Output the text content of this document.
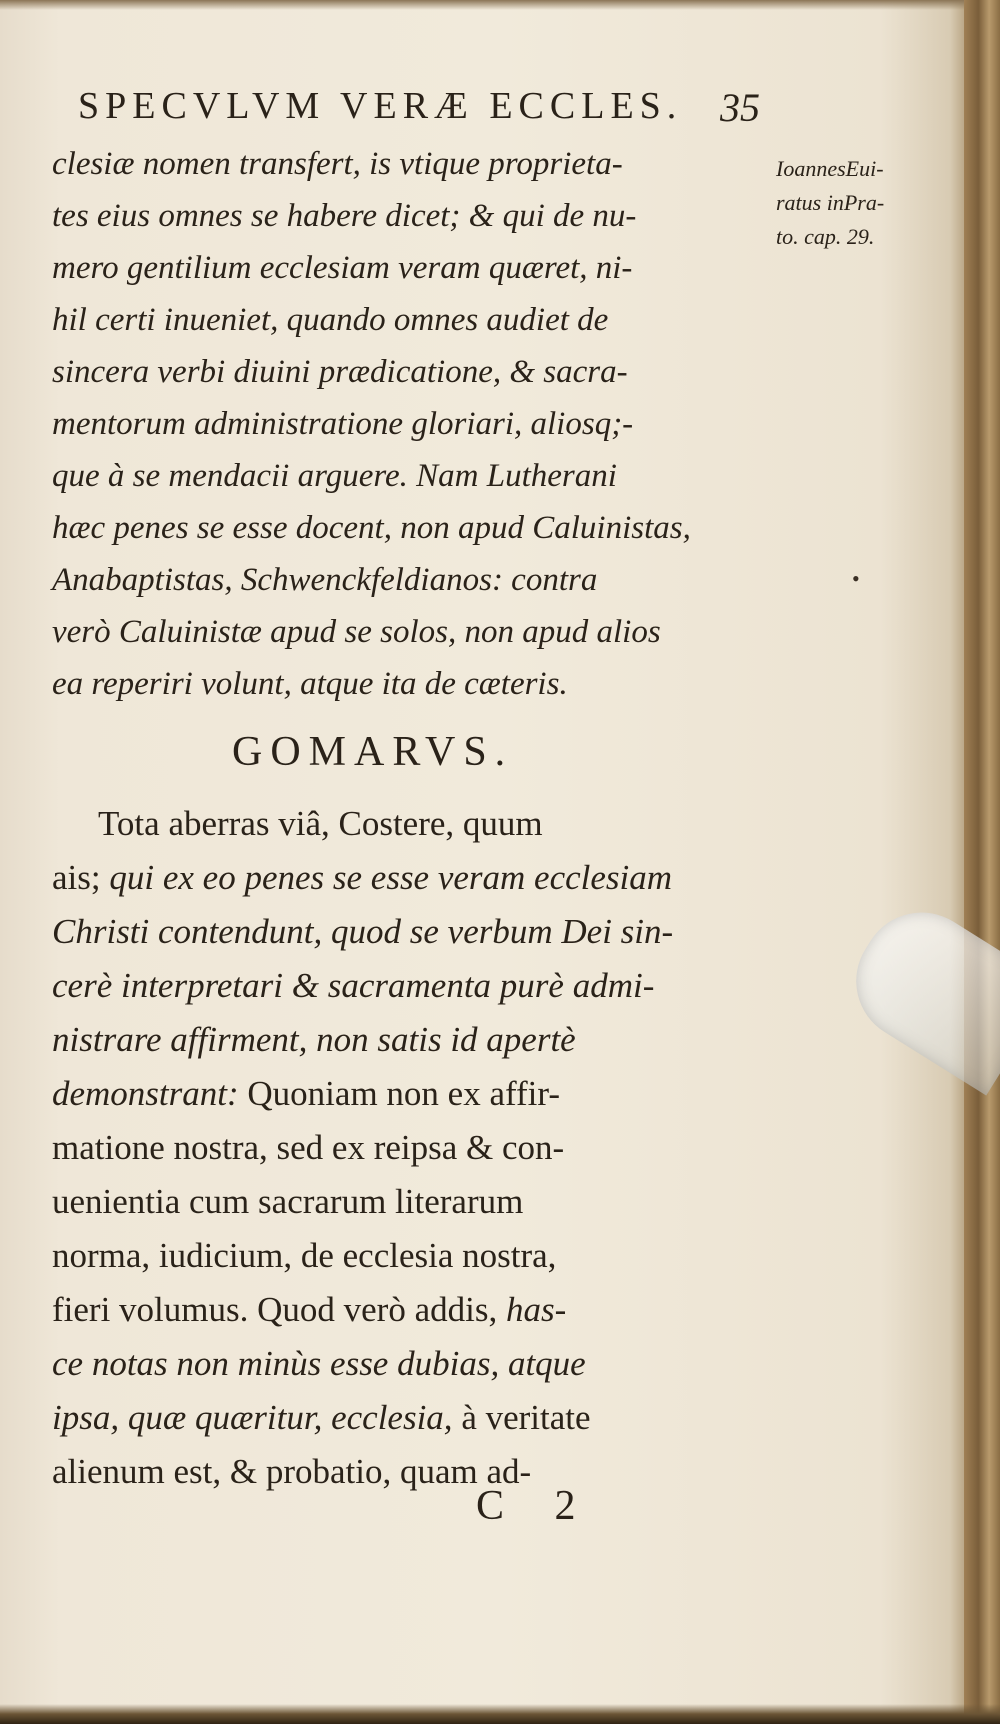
SPECVLVM VERÆ ECCLES. 35
IoannesEui-
ratus inPra-
to. cap. 29.
clesiæ nomen transfert, is vtique proprieta-
tes eius omnes se habere dicet; & qui de nu-
mero gentilium ecclesiam veram quæret, ni-
hil certi inueniet, quando omnes audiet de
sincera verbi diuini prædicatione, & sacra-
mentorum administratione gloriari, aliosq;-
que à se mendacii arguere. Nam Lutherani
hæc penes se esse docent, non apud Caluinistas,
Anabaptistas, Schwenckfeldianos: contra
verò Caluinistæ apud se solos, non apud alios
ea reperiri volunt, atque ita de cæteris.
•
GOMARVS.
Tota aberras viâ, Costere, quum
ais; qui ex eo penes se esse veram ecclesiam
Christi contendunt, quod se verbum Dei sin-
cerè interpretari & sacramenta purè admi-
nistrare affirment, non satis id apertè
demonstrant: Quoniam non ex affir-
matione nostra, sed ex reipsa & con-
uenientia cum sacrarum literarum
norma, iudicium, de ecclesia nostra,
fieri volumus. Quod verò addis, has-
ce notas non minùs esse dubias, atque
ipsa, quæ quæritur, ecclesia, à veritate
alienum est, & probatio, quam ad-
C 2
